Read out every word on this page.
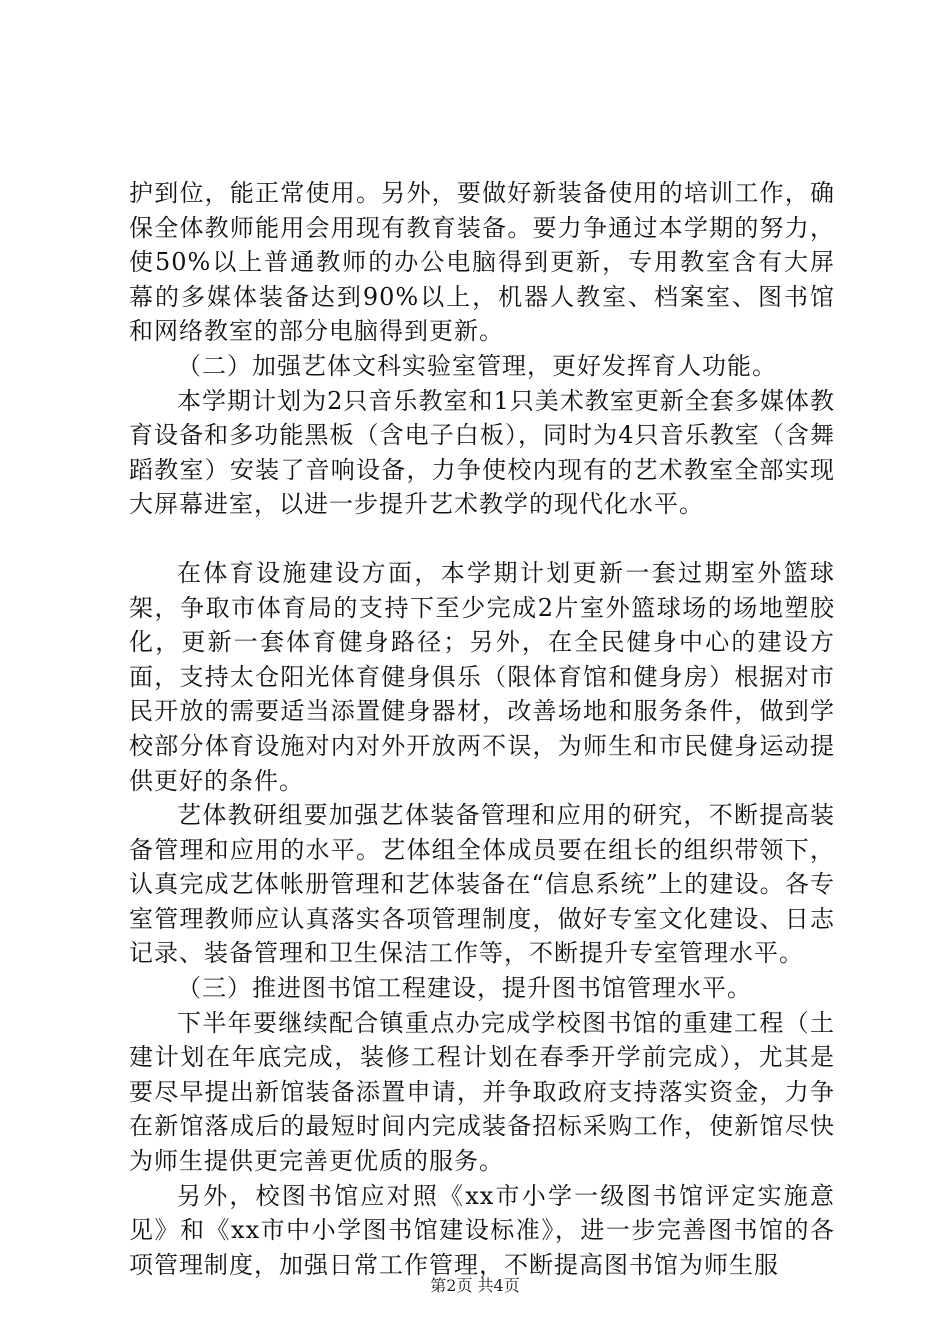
护到位，能正常使用。另外，要做好新装备使用的培训工作，确保全体教师能用会用现有教育装备。要力争通过本学期的努力，使50%以上普通教师的办公电脑得到更新，专用教室含有大屏幕的多媒体装备达到90%以上，机器人教室、档案室、图书馆和网络教室的部分电脑得到更新。

（二）加强艺体文科实验室管理，更好发挥育人功能。

本学期计划为2只音乐教室和1只美术教室更新全套多媒体教育设备和多功能黑板（含电子白板），同时为4只音乐教室（含舞蹈教室）安装了音响设备，力争使校内现有的艺术教室全部实现大屏幕进室，以进一步提升艺术教学的现代化水平。

在体育设施建设方面，本学期计划更新一套过期室外篮球架，争取市体育局的支持下至少完成2片室外篮球场的场地塑胶化，更新一套体育健身路径；另外，在全民健身中心的建设方面，支持太仓阳光体育健身俱乐（限体育馆和健身房）根据对市民开放的需要适当添置健身器材，改善场地和服务条件，做到学校部分体育设施对内对外开放两不误，为师生和市民健身运动提供更好的条件。

艺体教研组要加强艺体装备管理和应用的研究，不断提高装备管理和应用的水平。艺体组全体成员要在组长的组织带领下，认真完成艺体帐册管理和艺体装备在“信息系统”上的建设。各专室管理教师应认真落实各项管理制度，做好专室文化建设、日志记录、装备管理和卫生保洁工作等，不断提升专室管理水平。

（三）推进图书馆工程建设，提升图书馆管理水平。

下半年要继续配合镇重点办完成学校图书馆的重建工程（土建计划在年底完成，装修工程计划在春季开学前完成），尤其是要尽早提出新馆装备添置申请，并争取政府支持落实资金，力争在新馆落成后的最短时间内完成装备招标采购工作，使新馆尽快为师生提供更完善更优质的服务。

另外，校图书馆应对照《xx市小学一级图书馆评定实施意见》和《xx市中小学图书馆建设标准》，进一步完善图书馆的各项管理制度，加强日常工作管理，不断提高图书馆为师生服

第2页 共4页
